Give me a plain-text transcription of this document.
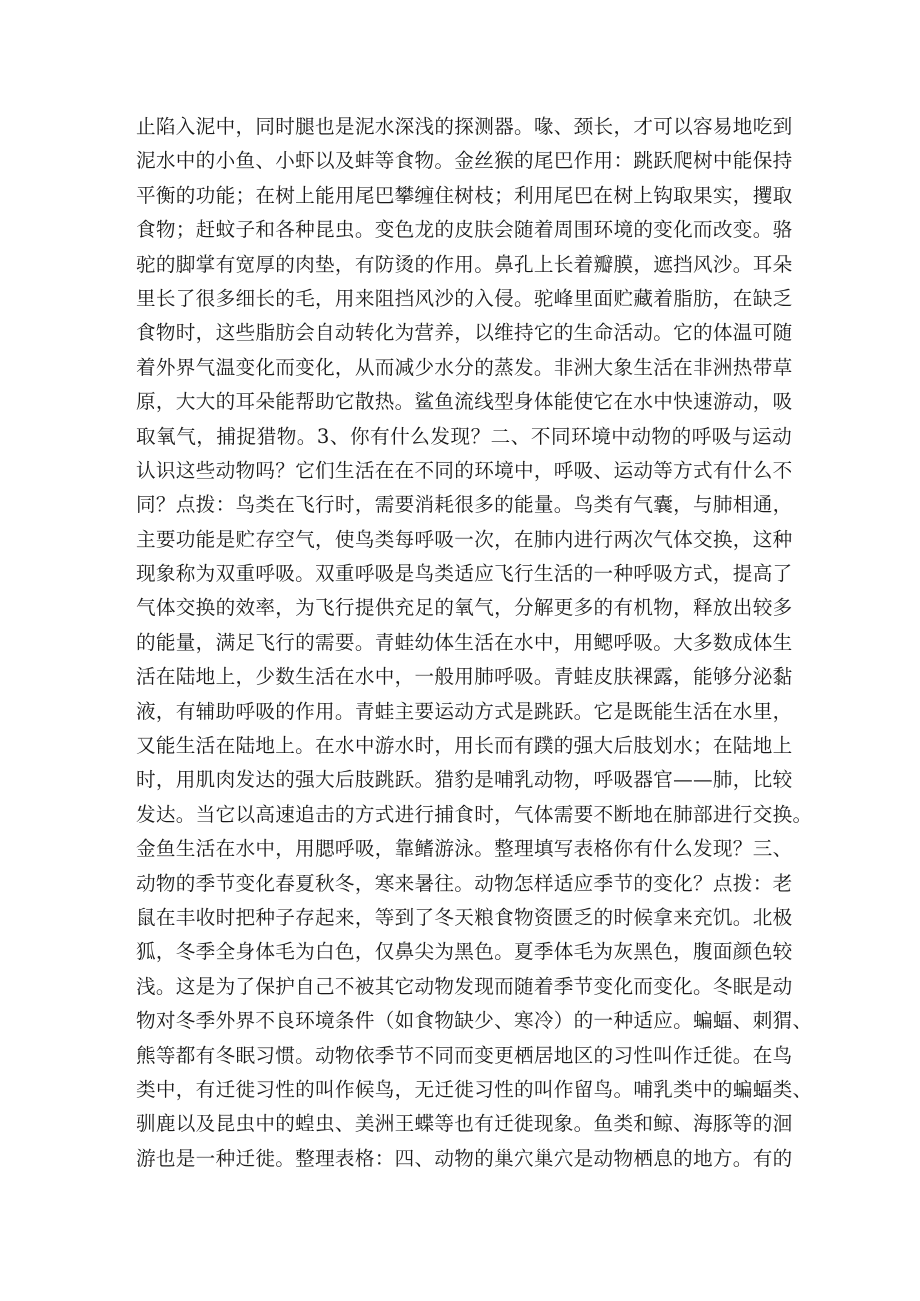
止陷入泥中，同时腿也是泥水深浅的探测器。喙、颈长，才可以容易地吃到
泥水中的小鱼、小虾以及蚌等食物。金丝猴的尾巴作用：跳跃爬树中能保持
平衡的功能；在树上能用尾巴攀缠住树枝；利用尾巴在树上钩取果实，攫取
食物；赶蚊子和各种昆虫。变色龙的皮肤会随着周围环境的变化而改变。骆
驼的脚掌有宽厚的肉垫，有防烫的作用。鼻孔上长着瓣膜，遮挡风沙。耳朵
里长了很多细长的毛，用来阻挡风沙的入侵。驼峰里面贮藏着脂肪，在缺乏
食物时，这些脂肪会自动转化为营养，以维持它的生命活动。它的体温可随
着外界气温变化而变化，从而减少水分的蒸发。非洲大象生活在非洲热带草
原，大大的耳朵能帮助它散热。鲨鱼流线型身体能使它在水中快速游动，吸
取氧气，捕捉猎物。3、你有什么发现？二、不同环境中动物的呼吸与运动
认识这些动物吗？它们生活在在不同的环境中，呼吸、运动等方式有什么不
同？点拨：鸟类在飞行时，需要消耗很多的能量。鸟类有气囊，与肺相通，
主要功能是贮存空气，使鸟类每呼吸一次，在肺内进行两次气体交换，这种
现象称为双重呼吸。双重呼吸是鸟类适应飞行生活的一种呼吸方式，提高了
气体交换的效率，为飞行提供充足的氧气，分解更多的有机物，释放出较多
的能量，满足飞行的需要。青蛙幼体生活在水中，用鳃呼吸。大多数成体生
活在陆地上，少数生活在水中，一般用肺呼吸。青蛙皮肤裸露，能够分泌黏
液，有辅助呼吸的作用。青蛙主要运动方式是跳跃。它是既能生活在水里，
又能生活在陆地上。在水中游水时，用长而有蹼的强大后肢划水；在陆地上
时，用肌肉发达的强大后肢跳跃。猎豹是哺乳动物，呼吸器官——肺，比较
发达。当它以高速追击的方式进行捕食时，气体需要不断地在肺部进行交换。
金鱼生活在水中，用腮呼吸，靠鳍游泳。整理填写表格你有什么发现？三、
动物的季节变化春夏秋冬，寒来暑往。动物怎样适应季节的变化？点拨：老
鼠在丰收时把种子存起来，等到了冬天粮食物资匮乏的时候拿来充饥。北极
狐，冬季全身体毛为白色，仅鼻尖为黑色。夏季体毛为灰黑色，腹面颜色较
浅。这是为了保护自己不被其它动物发现而随着季节变化而变化。冬眠是动
物对冬季外界不良环境条件（如食物缺少、寒冷）的一种适应。蝙蝠、刺猬、
熊等都有冬眠习惯。动物依季节不同而变更栖居地区的习性叫作迁徙。在鸟
类中，有迁徙习性的叫作候鸟，无迁徙习性的叫作留鸟。哺乳类中的蝙蝠类、
驯鹿以及昆虫中的蝗虫、美洲王蝶等也有迁徙现象。鱼类和鲸、海豚等的洄
游也是一种迁徙。整理表格：四、动物的巢穴巢穴是动物栖息的地方。有的
